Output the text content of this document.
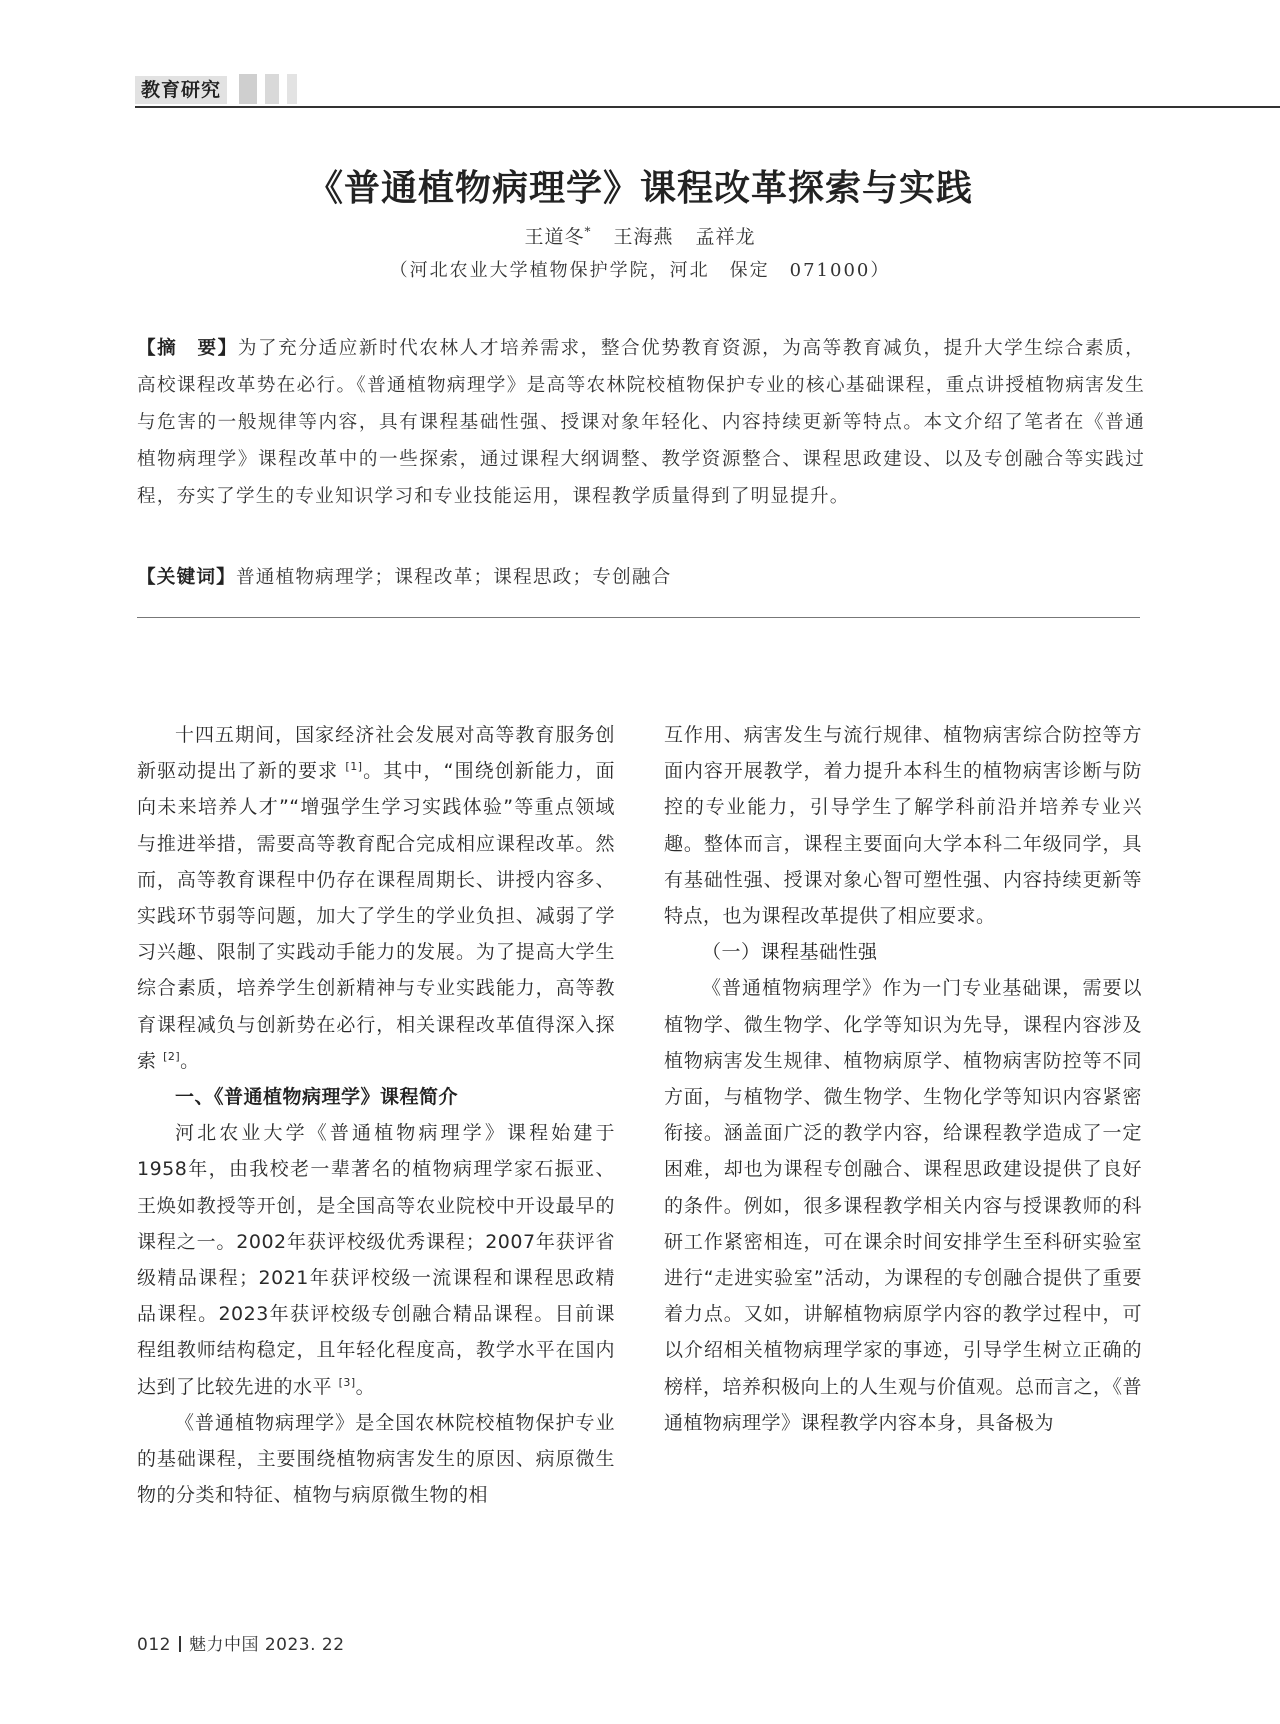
教育研究
《普通植物病理学》课程改革探索与实践
王道冬* 王海燕 孟祥龙
（河北农业大学植物保护学院，河北　保定　071000）
【摘　要】为了充分适应新时代农林人才培养需求，整合优势教育资源，为高等教育减负，提升大学生综合素质，高校课程改革势在必行。《普通植物病理学》是高等农林院校植物保护专业的核心基础课程，重点讲授植物病害发生与危害的一般规律等内容，具有课程基础性强、授课对象年轻化、内容持续更新等特点。本文介绍了笔者在《普通植物病理学》课程改革中的一些探索，通过课程大纲调整、教学资源整合、课程思政建设、以及专创融合等实践过程，夯实了学生的专业知识学习和专业技能运用，课程教学质量得到了明显提升。
【关键词】普通植物病理学；课程改革；课程思政；专创融合

十四五期间，国家经济社会发展对高等教育服务创新驱动提出了新的要求 [1]。其中，“围绕创新能力，面向未来培养人才”“增强学生学习实践体验”等重点领域与推进举措，需要高等教育配合完成相应课程改革。然而，高等教育课程中仍存在课程周期长、讲授内容多、实践环节弱等问题，加大了学生的学业负担、减弱了学习兴趣、限制了实践动手能力的发展。为了提高大学生综合素质，培养学生创新精神与专业实践能力，高等教育课程减负与创新势在必行，相关课程改革值得深入探索 [2]。

一、《普通植物病理学》课程简介

河北农业大学《普通植物病理学》课程始建于1958年，由我校老一辈著名的植物病理学家石振亚、王焕如教授等开创，是全国高等农业院校中开设最早的课程之一。2002年获评校级优秀课程；2007年获评省级精品课程；2021年获评校级一流课程和课程思政精品课程。2023年获评校级专创融合精品课程。目前课程组教师结构稳定，且年轻化程度高，教学水平在国内达到了比较先进的水平 [3]。

《普通植物病理学》是全国农林院校植物保护专业的基础课程，主要围绕植物病害发生的原因、病原微生物的分类和特征、植物与病原微生物的相

互作用、病害发生与流行规律、植物病害综合防控等方面内容开展教学，着力提升本科生的植物病害诊断与防控的专业能力，引导学生了解学科前沿并培养专业兴趣。整体而言，课程主要面向大学本科二年级同学，具有基础性强、授课对象心智可塑性强、内容持续更新等特点，也为课程改革提供了相应要求。

（一）课程基础性强

《普通植物病理学》作为一门专业基础课，需要以植物学、微生物学、化学等知识为先导，课程内容涉及植物病害发生规律、植物病原学、植物病害防控等不同方面，与植物学、微生物学、生物化学等知识内容紧密衔接。涵盖面广泛的教学内容，给课程教学造成了一定困难，却也为课程专创融合、课程思政建设提供了良好的条件。例如，很多课程教学相关内容与授课教师的科研工作紧密相连，可在课余时间安排学生至科研实验室进行“走进实验室”活动，为课程的专创融合提供了重要着力点。又如，讲解植物病原学内容的教学过程中，可以介绍相关植物病理学家的事迹，引导学生树立正确的榜样，培养积极向上的人生观与价值观。总而言之，《普通植物病理学》课程教学内容本身，具备极为

012 魅力中国 2023. 22
